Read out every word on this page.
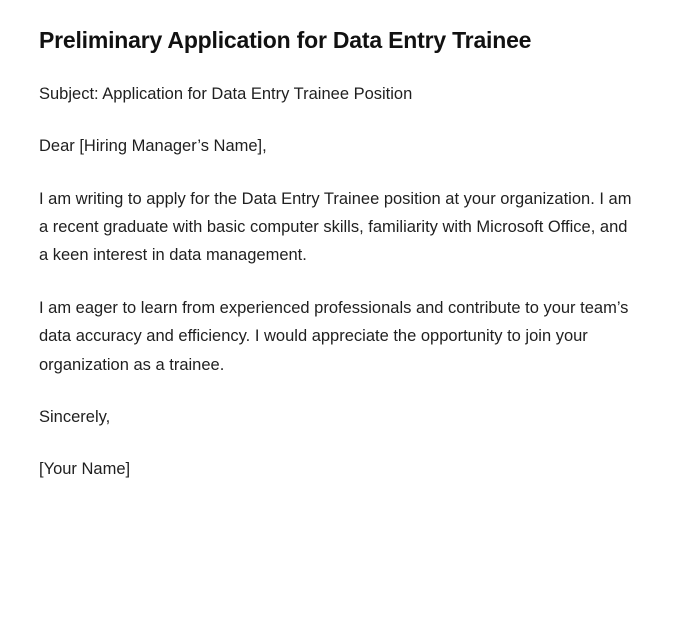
Preliminary Application for Data Entry Trainee

Subject: Application for Data Entry Trainee Position

Dear [Hiring Manager’s Name],

I am writing to apply for the Data Entry Trainee position at your organization. I am a recent graduate with basic computer skills, familiarity with Microsoft Office, and a keen interest in data management.

I am eager to learn from experienced professionals and contribute to your team’s data accuracy and efficiency. I would appreciate the opportunity to join your organization as a trainee.

Sincerely,

[Your Name]
